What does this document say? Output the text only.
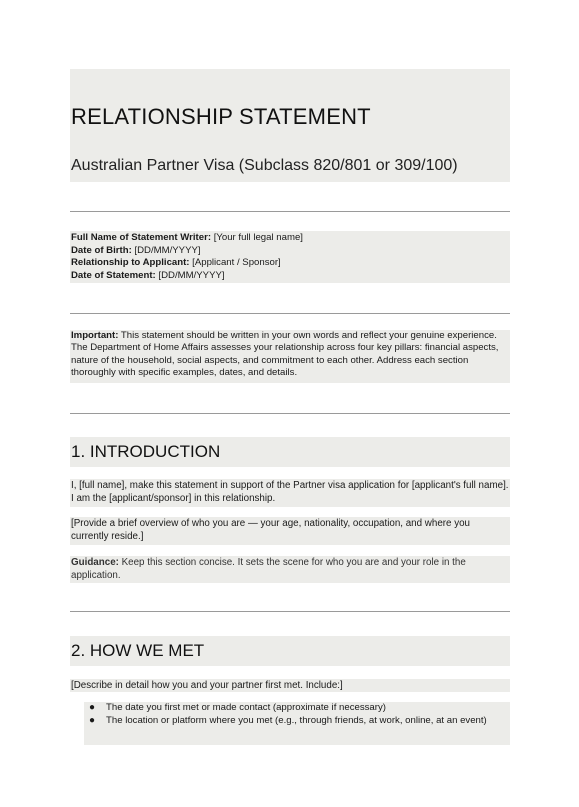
RELATIONSHIP STATEMENT
Australian Partner Visa (Subclass 820/801 or 309/100)
Full Name of Statement Writer: [Your full legal name]
Date of Birth: [DD/MM/YYYY]
Relationship to Applicant: [Applicant / Sponsor]
Date of Statement: [DD/MM/YYYY]
Important: This statement should be written in your own words and reflect your genuine experience. The Department of Home Affairs assesses your relationship across four key pillars: financial aspects, nature of the household, social aspects, and commitment to each other. Address each section thoroughly with specific examples, dates, and details.
1. INTRODUCTION
I, [full name], make this statement in support of the Partner visa application for [applicant's full name]. I am the [applicant/sponsor] in this relationship.
[Provide a brief overview of who you are — your age, nationality, occupation, and where you currently reside.]
Guidance: Keep this section concise. It sets the scene for who you are and your role in the application.
2. HOW WE MET
[Describe in detail how you and your partner first met. Include:]
● The date you first met or made contact (approximate if necessary)
● The location or platform where you met (e.g., through friends, at work, online, at an event)
